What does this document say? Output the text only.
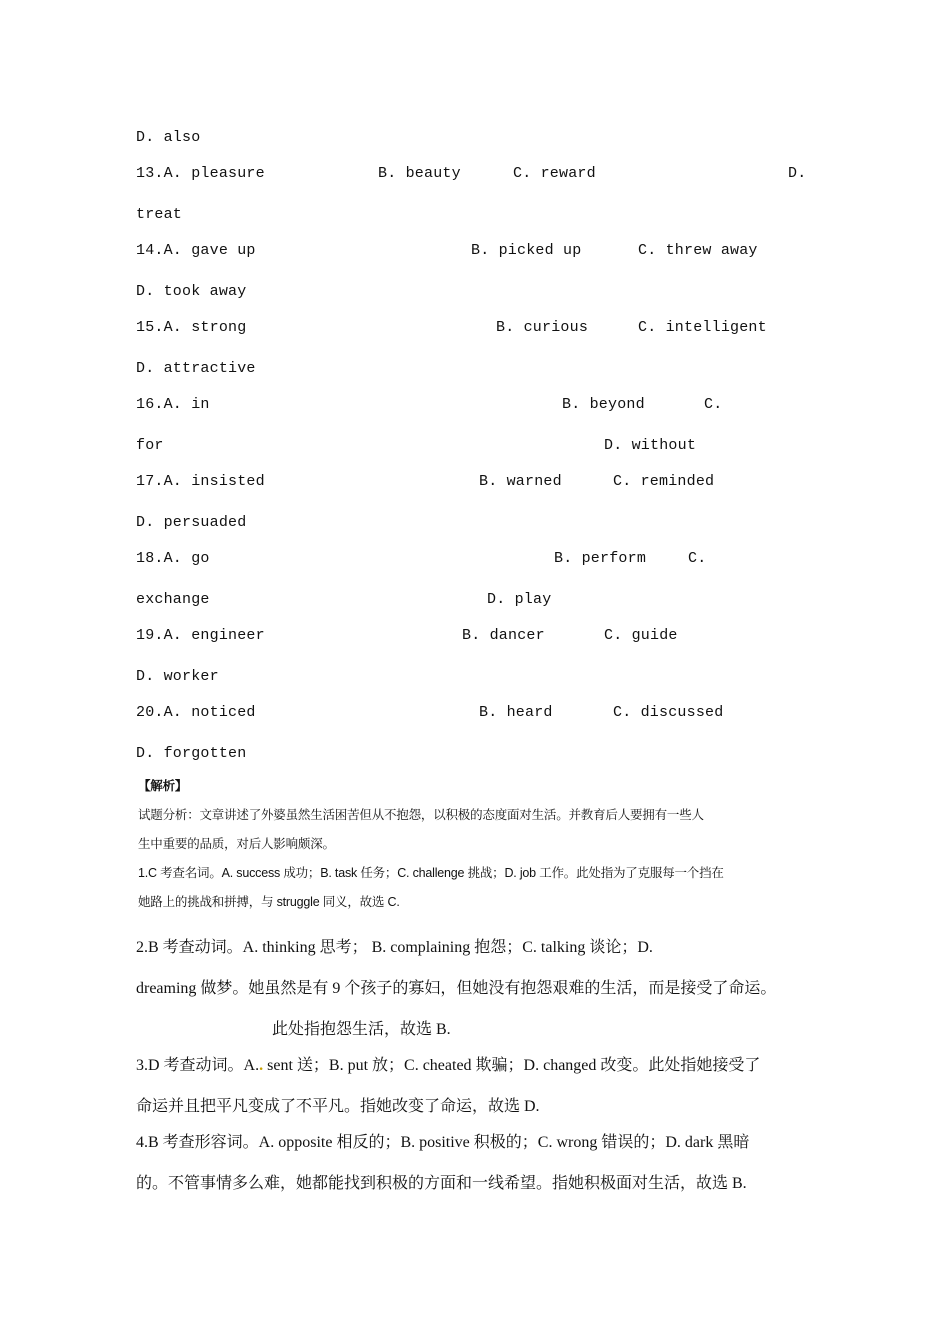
D. also
13.A. pleasure	B. beauty	C. reward	D.
treat
14.A. gave up	B. picked up	C. threw away
D. took away
15.A. strong	B. curious	C. intelligent
D. attractive
16.A. in	B. beyond	C.
for	D. without
17.A. insisted	B. warned	C. reminded
D. persuaded
18.A. go	B. perform	C.
exchange	D. play
19.A. engineer	B. dancer	C. guide
D. worker
20.A. noticed	B. heard	C. discussed
D. forgotten
【解析】
试题分析：文章讲述了外婆虽然生活困苦但从不抱怨，以积极的态度面对生活。并教育后人要拥有一些人
生中重要的品质，对后人影响颇深。
1.C 考查名词。A. success 成功；B. task 任务；C. challenge 挑战；D. job 工作。此处指为了克服每一个挡在
她路上的挑战和拼搏，与 struggle 同义，故选 C.
2.B 考查动词。A. thinking 思考； B. complaining 抱怨；C. talking 谈论；D.
dreaming 做梦。她虽然是有 9 个孩子的寡妇，但她没有抱怨艰难的生活，而是接受了命运。
此处指抱怨生活，故选 B.
3.D 考查动词。A.. sent 送；B. put 放；C. cheated 欺骗；D. changed 改变。此处指她接受了
命运并且把平凡变成了不平凡。指她改变了命运，故选 D.
4.B 考查形容词。A. opposite 相反的；B. positive 积极的；C. wrong 错误的；D. dark 黑暗
的。不管事情多么难，她都能找到积极的方面和一线希望。指她积极面对生活，故选 B.
